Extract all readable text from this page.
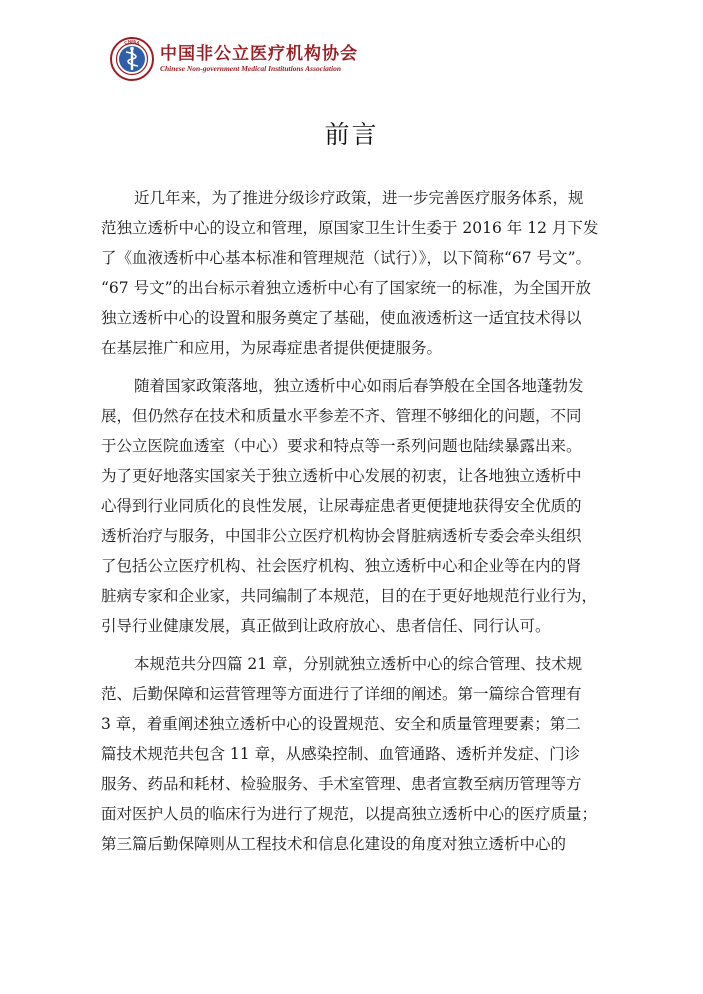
CNMIA
中国非公立医疗机构协会
Chinese Non-government Medical Institutions Association
前言

近几年来，为了推进分级诊疗政策，进一步完善医疗服务体系，规
范独立透析中心的设立和管理，原国家卫生计生委于 2016 年 12 月下发
了《血液透析中心基本标准和管理规范（试行）》，以下简称“67 号文”。
“67 号文”的出台标示着独立透析中心有了国家统一的标准，为全国开放
独立透析中心的设置和服务奠定了基础，使血液透析这一适宜技术得以
在基层推广和应用，为尿毒症患者提供便捷服务。

随着国家政策落地，独立透析中心如雨后春笋般在全国各地蓬勃发
展，但仍然存在技术和质量水平参差不齐、管理不够细化的问题，不同
于公立医院血透室（中心）要求和特点等一系列问题也陆续暴露出来。
为了更好地落实国家关于独立透析中心发展的初衷，让各地独立透析中
心得到行业同质化的良性发展，让尿毒症患者更便捷地获得安全优质的
透析治疗与服务，中国非公立医疗机构协会肾脏病透析专委会牵头组织
了包括公立医疗机构、社会医疗机构、独立透析中心和企业等在内的肾
脏病专家和企业家，共同编制了本规范，目的在于更好地规范行业行为，
引导行业健康发展，真正做到让政府放心、患者信任、同行认可。

本规范共分四篇 21 章，分别就独立透析中心的综合管理、技术规
范、后勤保障和运营管理等方面进行了详细的阐述。第一篇综合管理有
3 章，着重阐述独立透析中心的设置规范、安全和质量管理要素；第二
篇技术规范共包含 11 章，从感染控制、血管通路、透析并发症、门诊
服务、药品和耗材、检验服务、手术室管理、患者宣教至病历管理等方
面对医护人员的临床行为进行了规范，以提高独立透析中心的医疗质量；
第三篇后勤保障则从工程技术和信息化建设的角度对独立透析中心的
